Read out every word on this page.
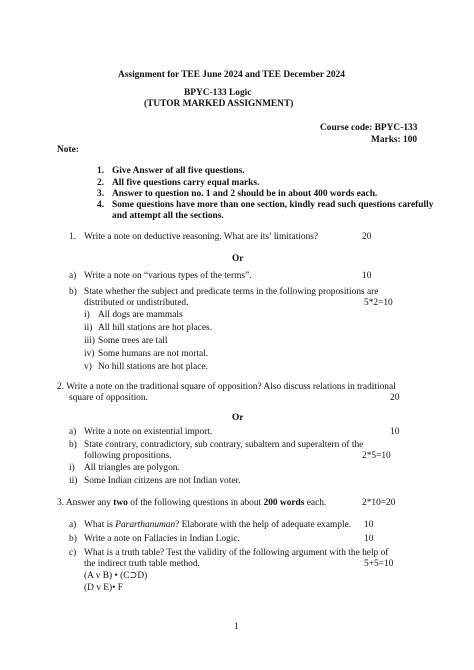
Assignment for TEE June 2024 and TEE December 2024
BPYC-133 Logic
(TUTOR MARKED ASSIGNMENT)
Course code: BPYC-133
Marks: 100
Note:
1. Give Answer of all five questions.
2. All five questions carry equal marks.
3. Answer to question no. 1 and 2 should be in about 400 words each.
4. Some questions have more than one section, kindly read such questions carefully
and attempt all the sections.
1. Write a note on deductive reasoning. What are its’ limitations?	20
Or
a) Write a note on “various types of the terms”.	10
b) State whether the subject and predicate terms in the following propositions are
distributed or undistributed.	5*2=10
i) All dogs are mammals
ii) All hill stations are hot places.
iii) Some trees are tall
iv) Some humans are not mortal.
v) No hill stations are hot place.
2. Write a note on the traditional square of opposition? Also discuss relations in traditional
square of opposition.	20
Or
a) Write a note on existential import.	10
b) State contrary, contradictory, sub contrary, subaltern and superaltern of the
following propositions.	2*5=10
i) All triangles are polygon.
ii) Some Indian citizens are not Indian voter.
3. Answer any two of the following questions in about 200 words each.	2*10=20
a) What is Pararthanuman? Elaborate with the help of adequate example. 10
b) Write a note on Fallacies in Indian Logic.	10
c) What is a truth table? Test the validity of the following argument with the help of
the indirect truth table method.	5+5=10
(A v B) • (C⊃D)
(D v E)• F
1
